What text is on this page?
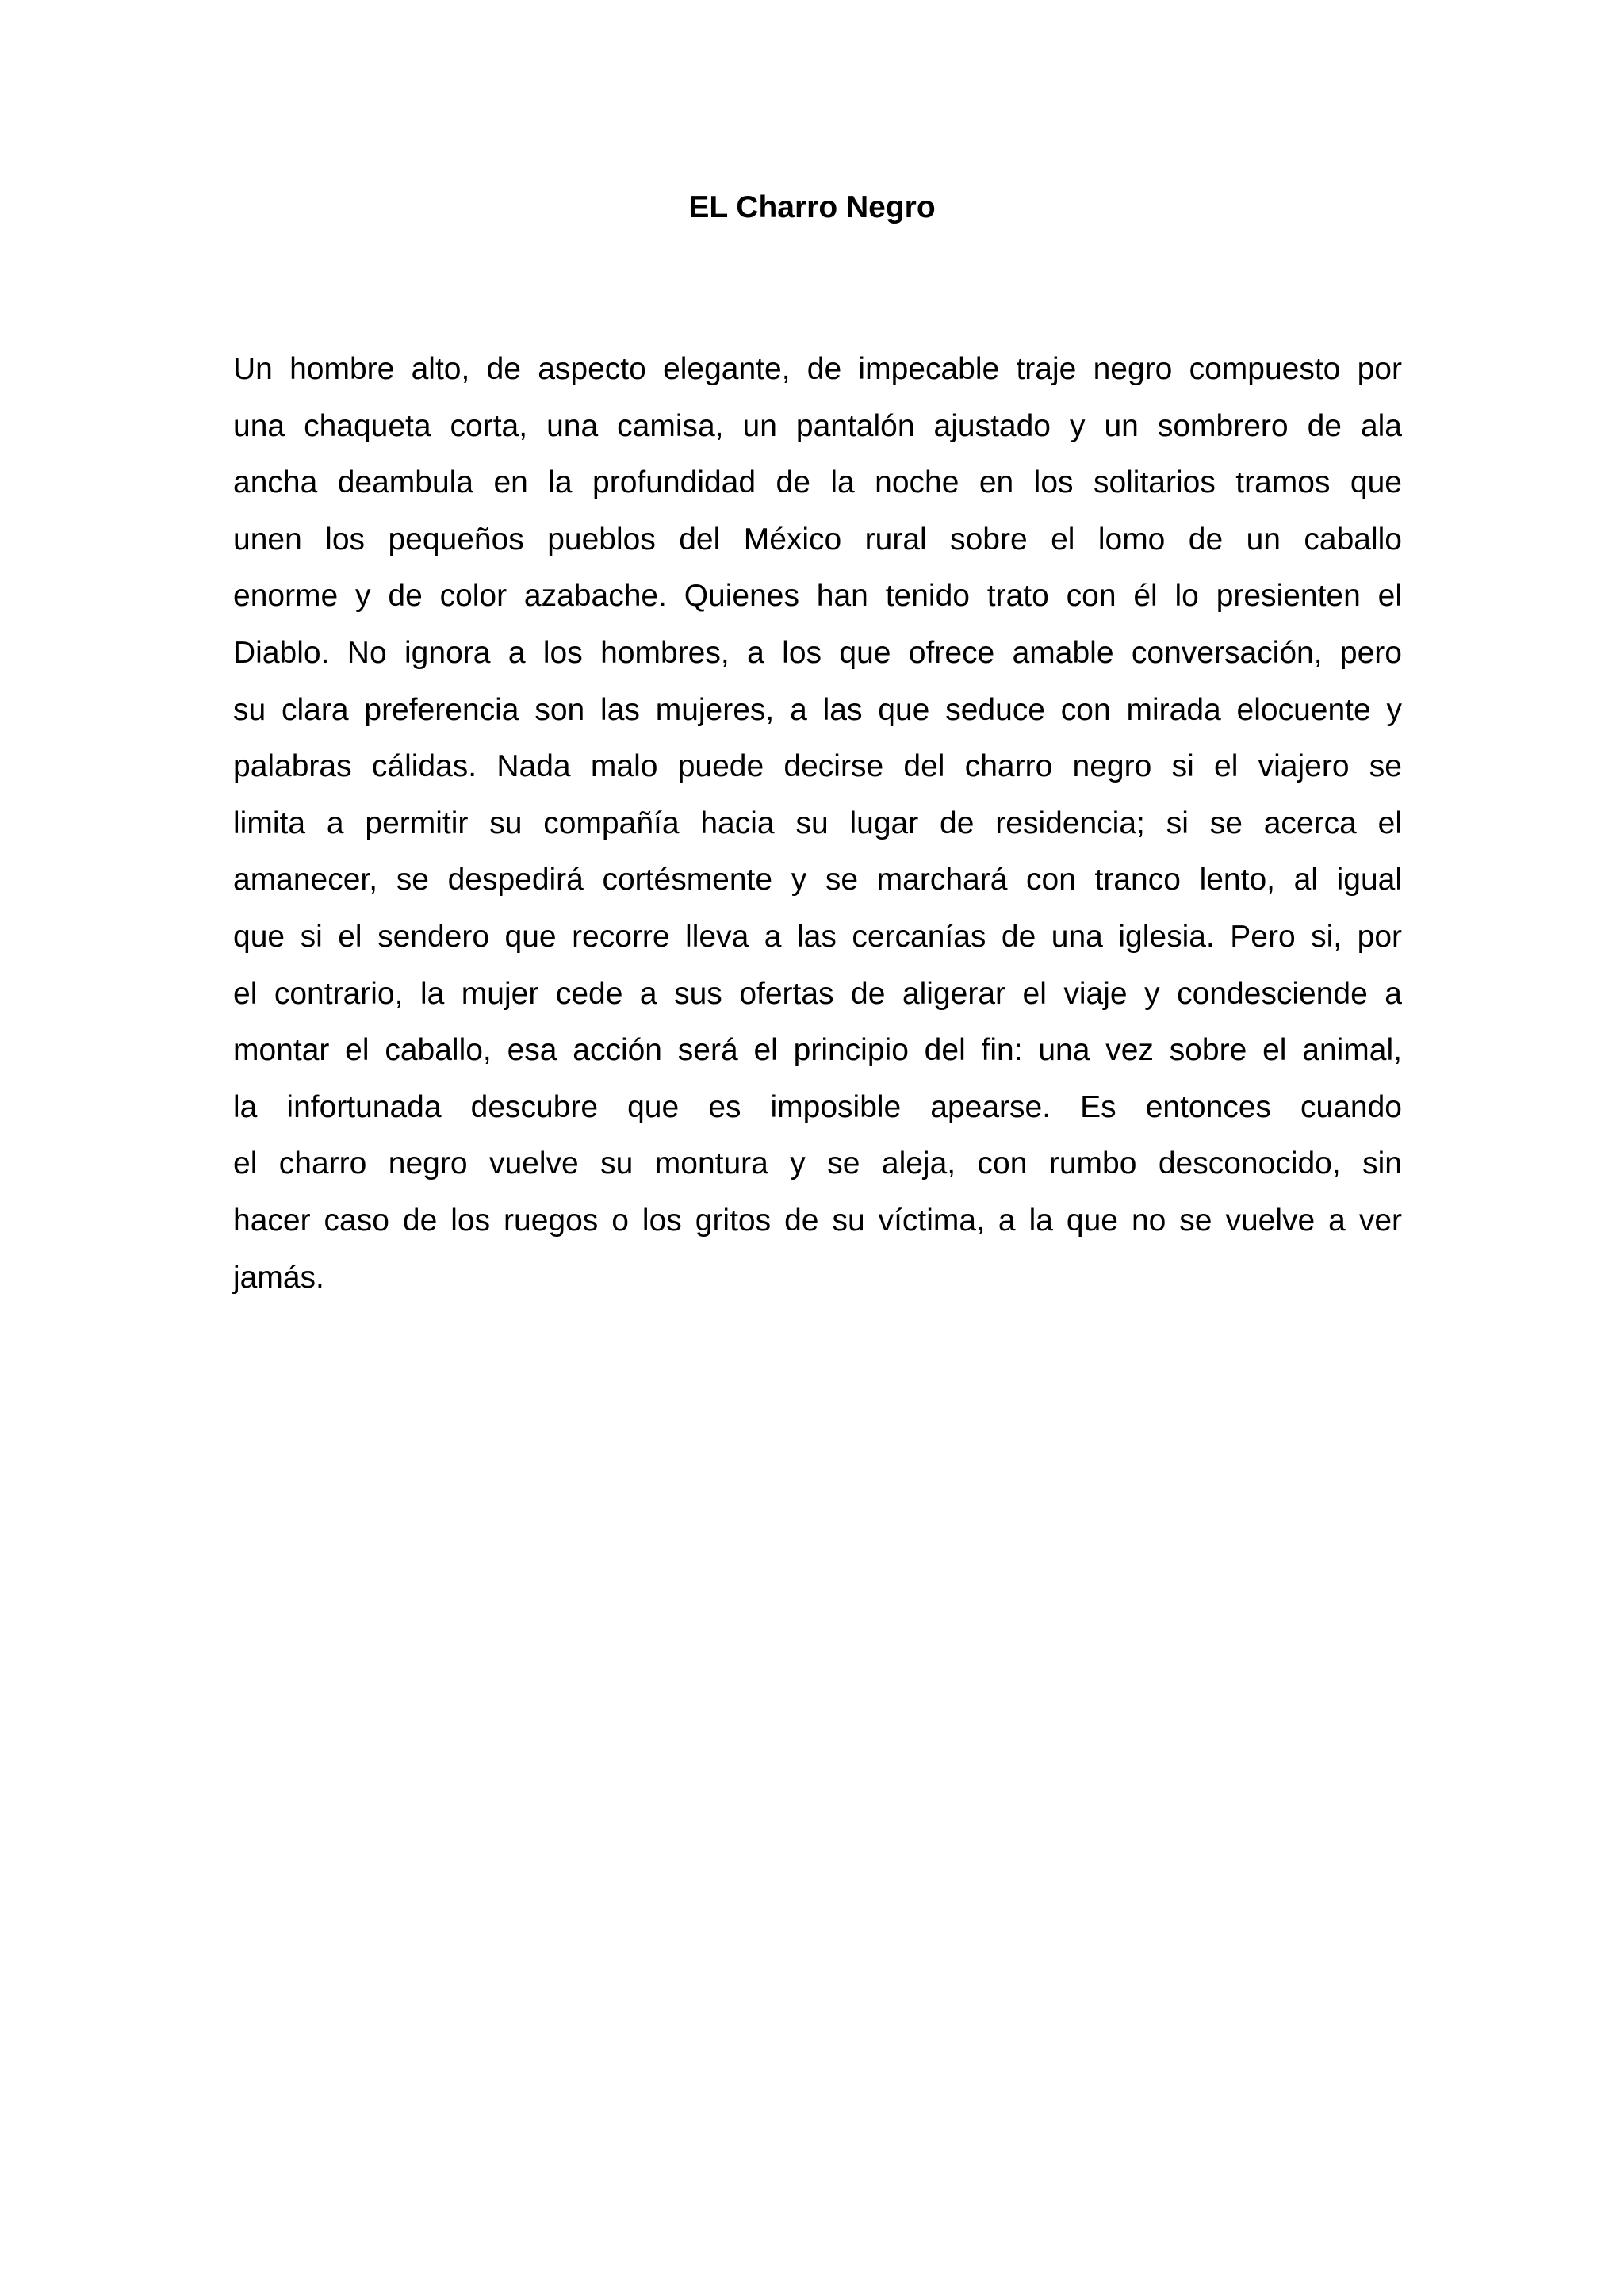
EL Charro Negro
Un hombre alto, de aspecto elegante, de impecable traje negro compuesto por
una chaqueta corta, una camisa, un pantalón ajustado y un sombrero de ala
ancha deambula en la profundidad de la noche en los solitarios tramos que
unen los pequeños pueblos del México rural sobre el lomo de un caballo
enorme y de color azabache. Quienes han tenido trato con él lo presienten el
Diablo. No ignora a los hombres, a los que ofrece amable conversación, pero
su clara preferencia son las mujeres, a las que seduce con mirada elocuente y
palabras cálidas. Nada malo puede decirse del charro negro si el viajero se
limita a permitir su compañía hacia su lugar de residencia; si se acerca el
amanecer, se despedirá cortésmente y se marchará con tranco lento, al igual
que si el sendero que recorre lleva a las cercanías de una iglesia. Pero si, por
el contrario, la mujer cede a sus ofertas de aligerar el viaje y condesciende a
montar el caballo, esa acción será el principio del fin: una vez sobre el animal,
la infortunada descubre que es imposible apearse. Es entonces cuando
el charro negro vuelve su montura y se aleja, con rumbo desconocido, sin
hacer caso de los ruegos o los gritos de su víctima, a la que no se vuelve a ver
jamás.
